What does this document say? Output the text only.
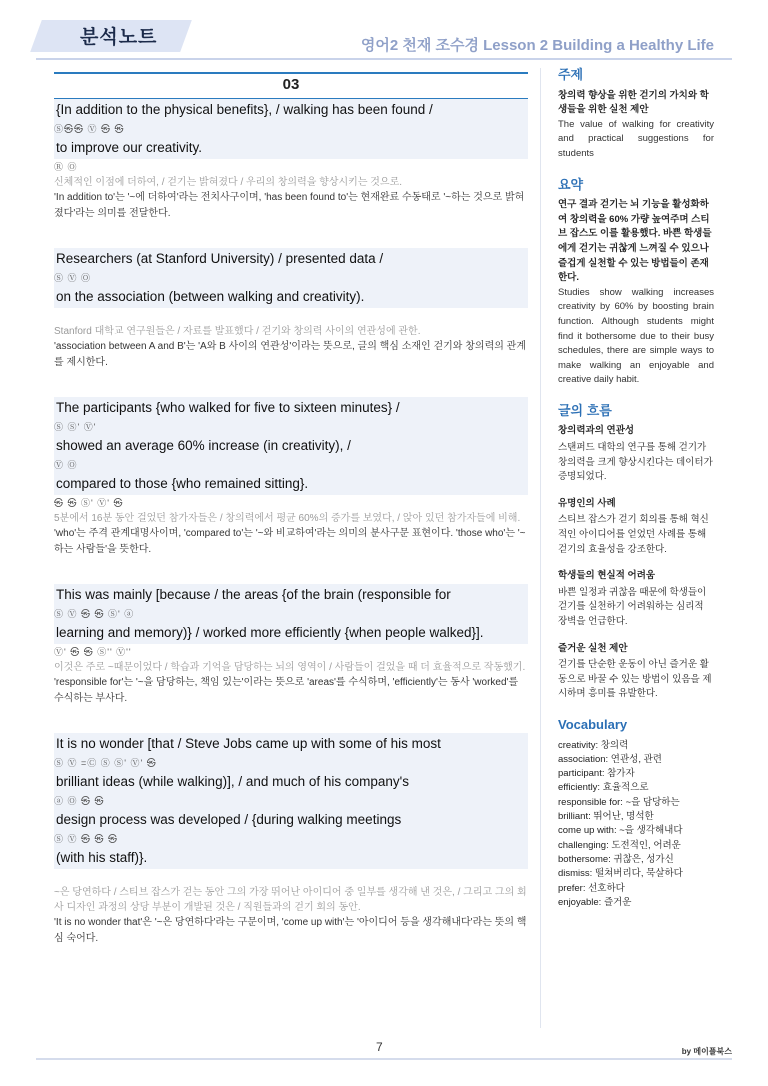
분석노트	영어2 천재 조수경 Lesson 2 Building a Healthy Life
03
{In addition to the physical benefits}, / walking has been found /
Ⓢ㉿㉿ Ⓥ ㉿ ㉿
to improve our creativity.
Ⓡ Ⓞ
신체적인 이점에 더하여, / 걷기는 밝혀졌다 / 우리의 창의력을 향상시키는 것으로.
'In addition to'는 '~에 더하여'라는 전치사구이며, 'has been found to'는 현재완료 수동태로 '~하는 것으로 밝혀졌다'라는 의미를 전달한다.
Researchers (at Stanford University) / presented data /
Ⓢ Ⓥ Ⓞ
on the association (between walking and creativity).
Stanford 대학교 연구원들은 / 자료를 발표했다 / 걷기와 창의력 사이의 연관성에 관한.
'association between A and B'는 'A와 B 사이의 연관성'이라는 뜻으로, 글의 핵심 소재인 걷기와 창의력의 관계를 제시한다.
The participants {who walked for five to sixteen minutes} /
Ⓢ Ⓢ' Ⓥ'
showed an average 60% increase (in creativity), /
Ⓥ Ⓞ
compared to those {who remained sitting}.
㉿ ㉿ Ⓢ' Ⓥ' ㉿
5분에서 16분 동안 걸었던 참가자들은 / 창의력에서 평균 60%의 증가를 보였다, / 앉아 있던 참가자들에 비해.
'who'는 주격 관계대명사이며, 'compared to'는 '~와 비교하여'라는 의미의 분사구문 표현이다. 'those who'는 '~하는 사람들'을 뜻한다.
This was mainly [because / the areas {of the brain (responsible for
Ⓢ Ⓥ ㉿ ㉿ Ⓢ' ⓐ
learning and memory)} / worked more efficiently {when people walked}].
Ⓥ' ㉿ ㉿ Ⓢ'' Ⓥ''
이것은 주로 ~때문이었다 / 학습과 기억을 담당하는 뇌의 영역이 / 사람들이 걸었을 때 더 효율적으로 작동했기.
'responsible for'는 '~을 담당하는, 책임 있는'이라는 뜻으로 'areas'를 수식하며, 'efficiently'는 동사 'worked'를 수식하는 부사다.
It is no wonder [that / Steve Jobs came up with some of his most
Ⓢ Ⓥ =Ⓒ Ⓢ Ⓢ' Ⓥ' ㉿
brilliant ideas (while walking)], / and much of his company's
ⓐ Ⓞ ㉿ ㉿
design process was developed / {during walking meetings
Ⓢ Ⓥ ㉿ ㉿ ㉿
(with his staff)}.
~은 당연하다 / 스티브 잡스가 걷는 동안 그의 가장 뛰어난 아이디어 중 일부를 생각해 낸 것은, / 그리고 그의 회사 디자인 과정의 상당 부분이 개발된 것은 / 직원들과의 걷기 회의 동안.
'It is no wonder that'은 '~은 당연하다'라는 구문이며, 'come up with'는 '아이디어 등을 생각해내다'라는 뜻의 핵심 숙어다.
주제
창의력 향상을 위한 걷기의 가치와 학생들을 위한 실천 제안
The value of walking for creativity and practical suggestions for students
요약
연구 결과 걷기는 뇌 기능을 활성화하여 창의력을 60% 가량 높여주며 스티브 잡스도 이를 활용했다. 바쁜 학생들에게 걷기는 귀찮게 느껴질 수 있으나 즐겁게 실천할 수 있는 방법들이 존재한다.
Studies show walking increases creativity by 60% by boosting brain function. Although students might find it bothersome due to their busy schedules, there are simple ways to make walking an enjoyable and creative daily habit.
글의 흐름
창의력과의 연관성
스탠퍼드 대학의 연구를 통해 걷기가 창의력을 크게 향상시킨다는 데이터가 증명되었다.
유명인의 사례
스티브 잡스가 걷기 회의를 통해 혁신적인 아이디어를 얻었던 사례를 통해 걷기의 효율성을 강조한다.
학생들의 현실적 어려움
바쁜 일정과 귀찮음 때문에 학생들이 걷기를 실천하기 어려워하는 심리적 장벽을 언급한다.
즐거운 실천 제안
걷기를 단순한 운동이 아닌 즐거운 활동으로 바꿀 수 있는 방법이 있음을 제시하며 흥미를 유발한다.
Vocabulary
creativity: 창의력
association: 연관성, 관련
participant: 참가자
efficiently: 효율적으로
responsible for: ~을 담당하는
brilliant: 뛰어난, 명석한
come up with: ~을 생각해내다
challenging: 도전적인, 어려운
bothersome: 귀찮은, 성가신
dismiss: 떨쳐버리다, 묵살하다
prefer: 선호하다
enjoyable: 즐거운
7	by 메이플북스
